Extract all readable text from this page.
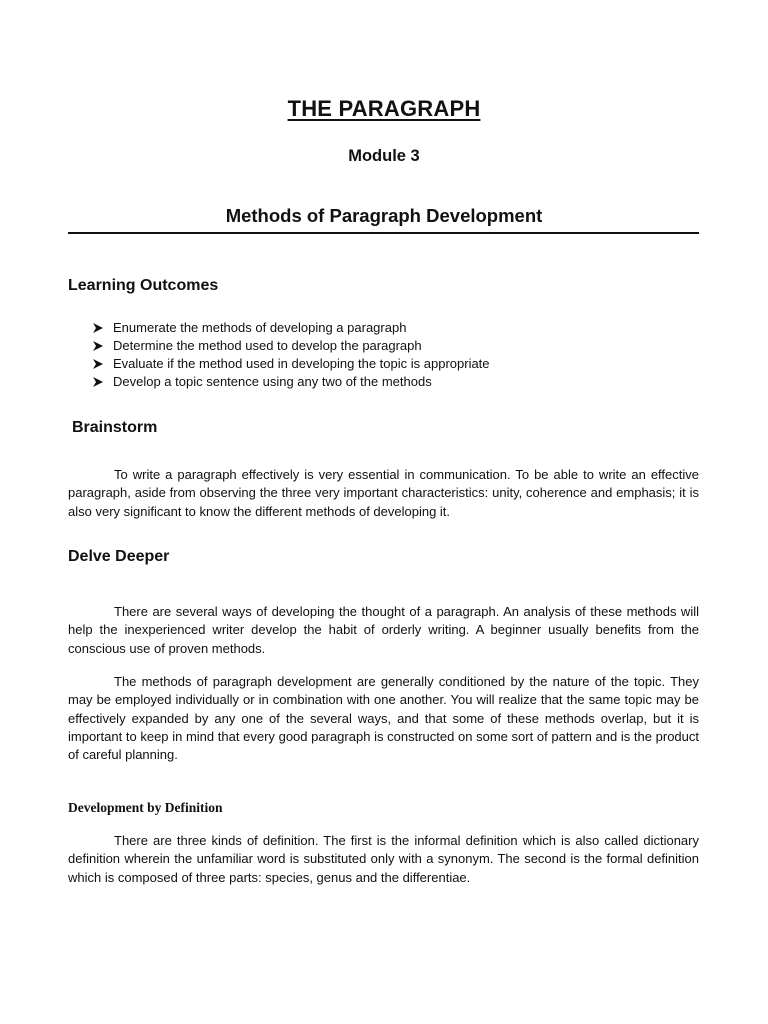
THE PARAGRAPH
Module 3
Methods of Paragraph Development
Learning Outcomes
Enumerate the methods of developing a paragraph
Determine the method used to develop the paragraph
Evaluate if the method used in developing the topic is appropriate
Develop a topic sentence using any two of the methods
Brainstorm

To write a paragraph effectively is very essential in communication. To be able to write an effective paragraph, aside from observing the three very important characteristics: unity, coherence and emphasis; it is also very significant to know the different methods of developing it.

Delve Deeper

There are several ways of developing the thought of a paragraph. An analysis of these methods will help the inexperienced writer develop the habit of orderly writing. A beginner usually benefits from the conscious use of proven methods.

The methods of paragraph development are generally conditioned by the nature of the topic. They may be employed individually or in combination with one another. You will realize that the same topic may be effectively expanded by any one of the several ways, and that some of these methods overlap, but it is important to keep in mind that every good paragraph is constructed on some sort of pattern and is the product of careful planning.

Development by Definition

There are three kinds of definition. The first is the informal definition which is also called dictionary definition wherein the unfamiliar word is substituted only with a synonym. The second is the formal definition which is composed of three parts: species, genus and the differentiae.
